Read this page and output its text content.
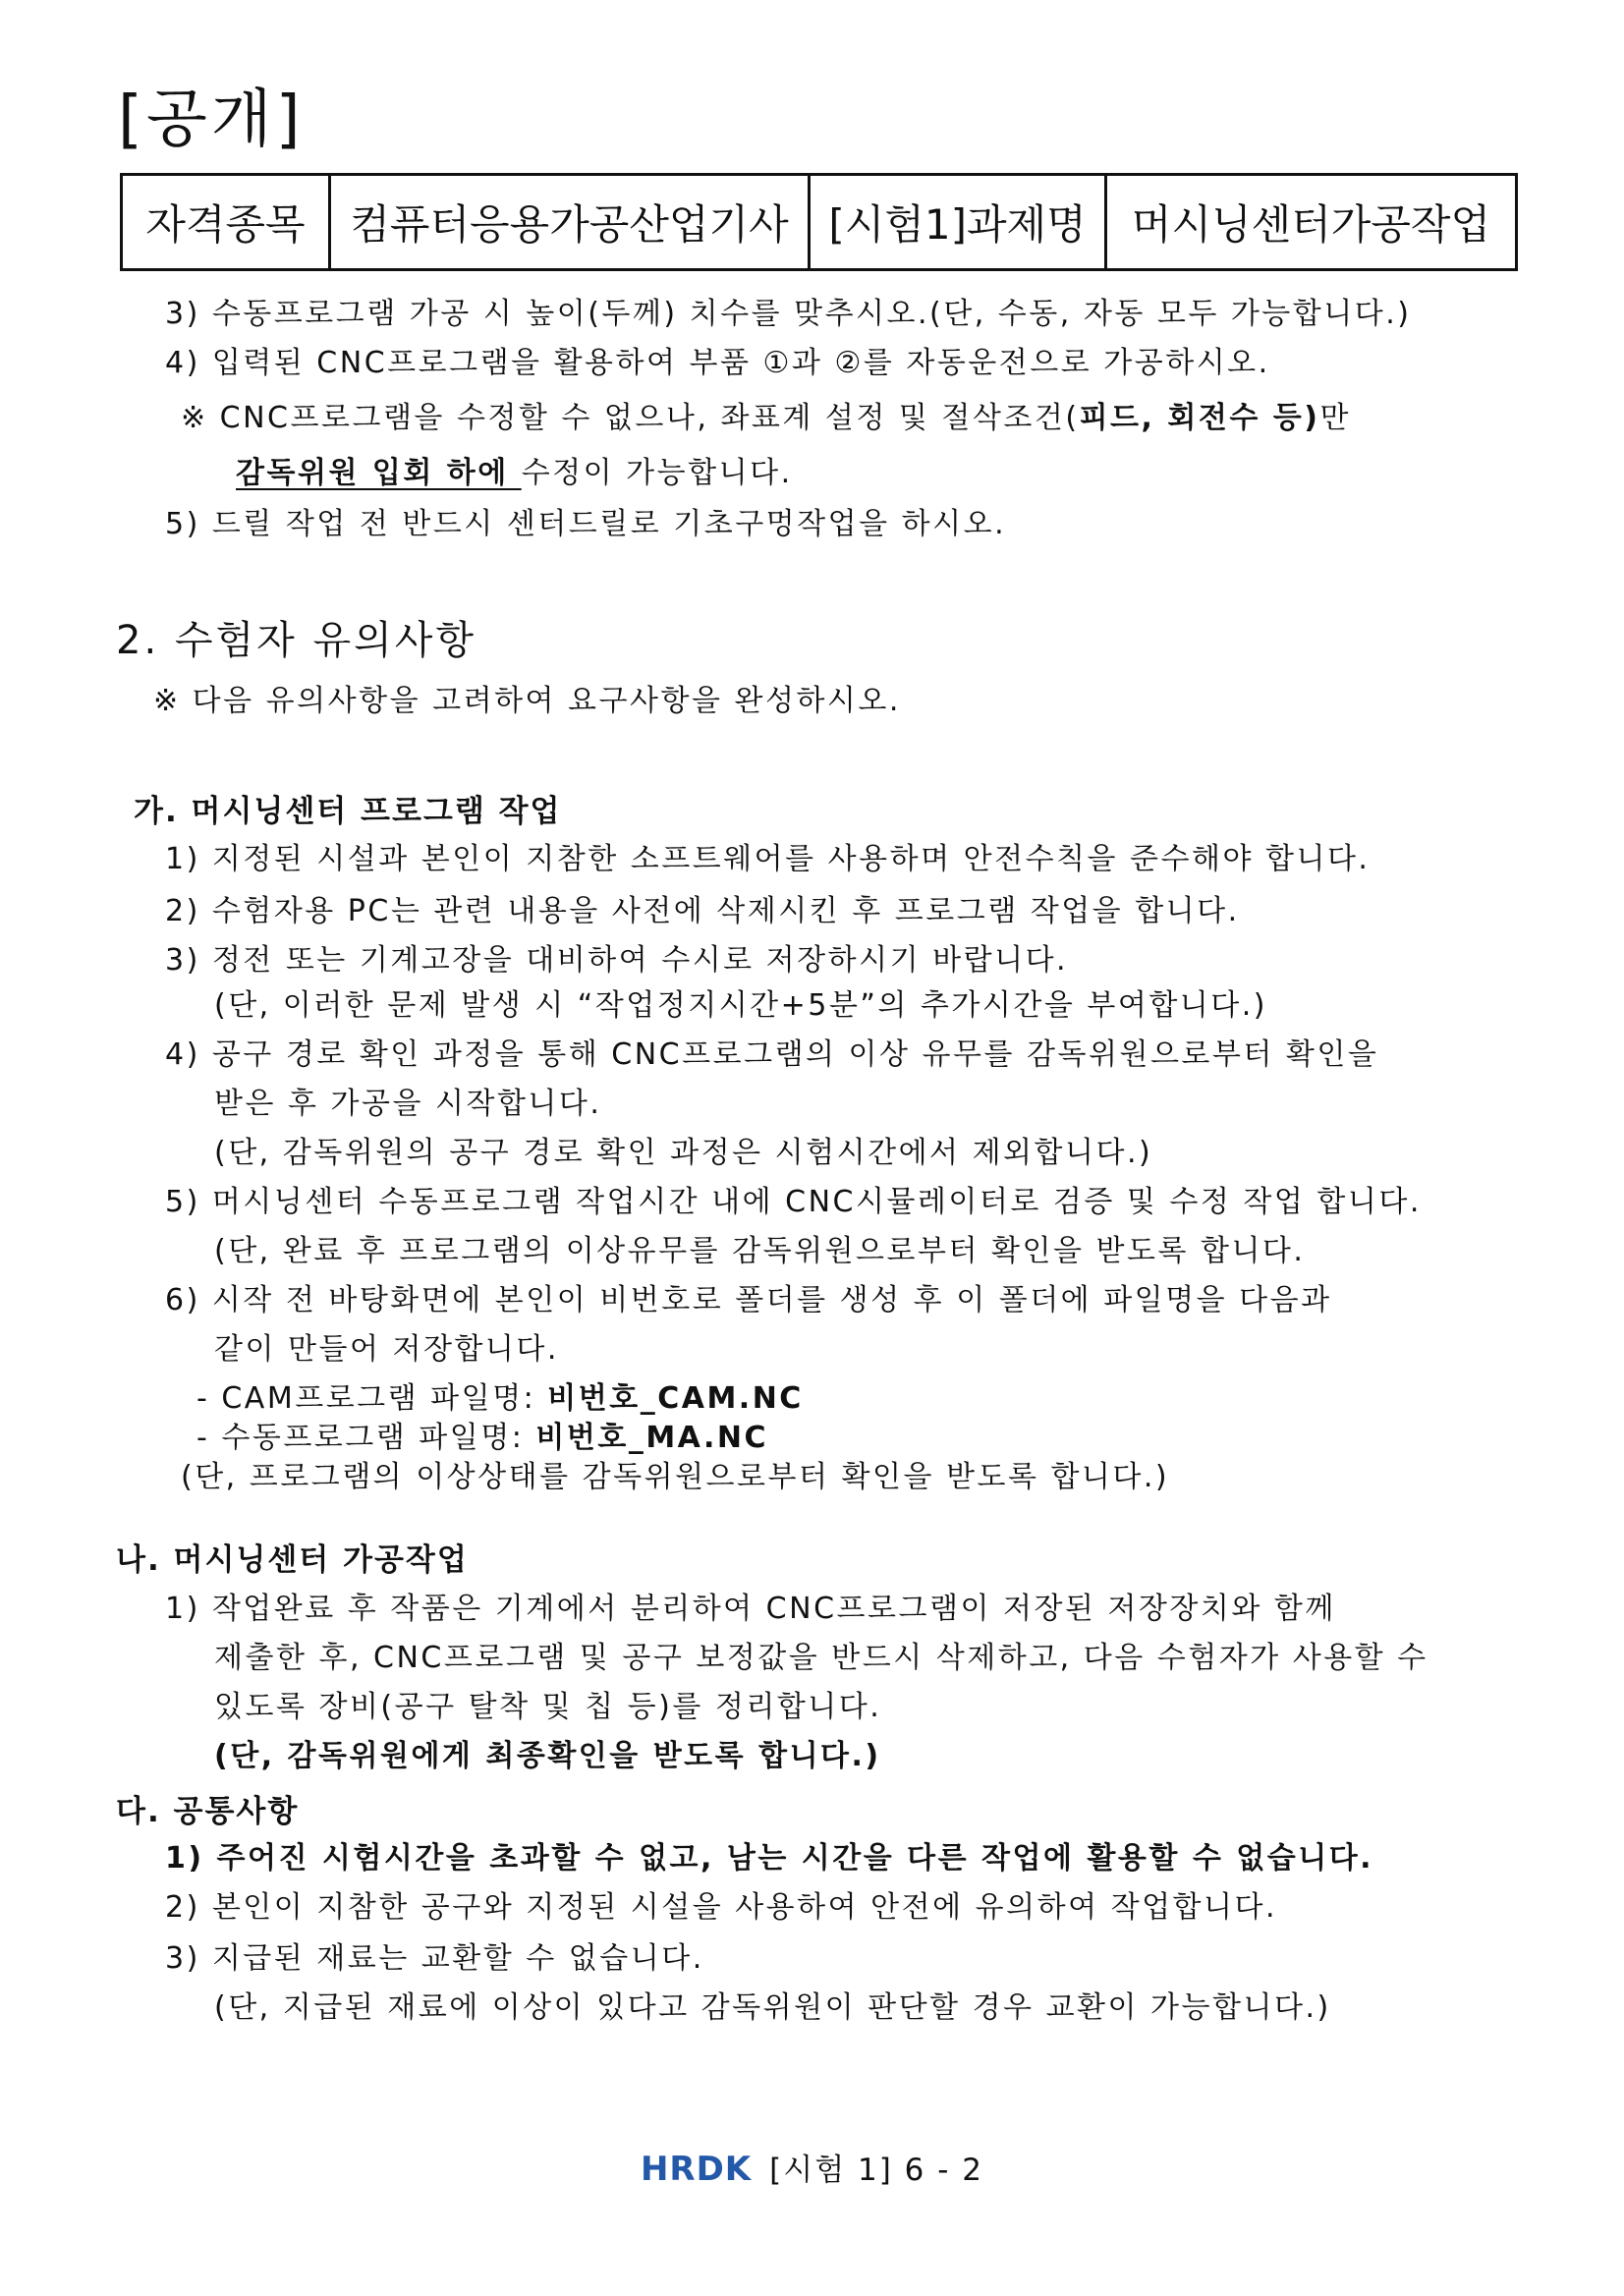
[공개]
자격종목	컴퓨터응용가공산업기사	[시험1]과제명	머시닝센터가공작업
3) 수동프로그램 가공 시 높이(두께) 치수를 맞추시오.(단, 수동, 자동 모두 가능합니다.)
4) 입력된 CNC프로그램을 활용하여 부품 ①과 ②를 자동운전으로 가공하시오.
※ CNC프로그램을 수정할 수 없으나, 좌표계 설정 및 절삭조건(피드, 회전수 등)만
감독위원 입회 하에 수정이 가능합니다.
5) 드릴 작업 전 반드시 센터드릴로 기초구멍작업을 하시오.
2. 수험자 유의사항
※ 다음 유의사항을 고려하여 요구사항을 완성하시오.
가. 머시닝센터 프로그램 작업
1) 지정된 시설과 본인이 지참한 소프트웨어를 사용하며 안전수칙을 준수해야 합니다.
2) 수험자용 PC는 관련 내용을 사전에 삭제시킨 후 프로그램 작업을 합니다.
3) 정전 또는 기계고장을 대비하여 수시로 저장하시기 바랍니다.
(단, 이러한 문제 발생 시 “작업정지시간+5분”의 추가시간을 부여합니다.)
4) 공구 경로 확인 과정을 통해 CNC프로그램의 이상 유무를 감독위원으로부터 확인을
받은 후 가공을 시작합니다.
(단, 감독위원의 공구 경로 확인 과정은 시험시간에서 제외합니다.)
5) 머시닝센터 수동프로그램 작업시간 내에 CNC시뮬레이터로 검증 및 수정 작업 합니다.
(단, 완료 후 프로그램의 이상유무를 감독위원으로부터 확인을 받도록 합니다.
6) 시작 전 바탕화면에 본인이 비번호로 폴더를 생성 후 이 폴더에 파일명을 다음과
같이 만들어 저장합니다.
- CAM프로그램 파일명: 비번호_CAM.NC
- 수동프로그램 파일명: 비번호_MA.NC
(단, 프로그램의 이상상태를 감독위원으로부터 확인을 받도록 합니다.)
나. 머시닝센터 가공작업
1) 작업완료 후 작품은 기계에서 분리하여 CNC프로그램이 저장된 저장장치와 함께
제출한 후, CNC프로그램 및 공구 보정값을 반드시 삭제하고, 다음 수험자가 사용할 수
있도록 장비(공구 탈착 및 칩 등)를 정리합니다.
(단, 감독위원에게 최종확인을 받도록 합니다.)
다. 공통사항
1) 주어진 시험시간을 초과할 수 없고, 남는 시간을 다른 작업에 활용할 수 없습니다.
2) 본인이 지참한 공구와 지정된 시설을 사용하여 안전에 유의하여 작업합니다.
3) 지급된 재료는 교환할 수 없습니다.
(단, 지급된 재료에 이상이 있다고 감독위원이 판단할 경우 교환이 가능합니다.)
HRDK [시험 1] 6 - 2
